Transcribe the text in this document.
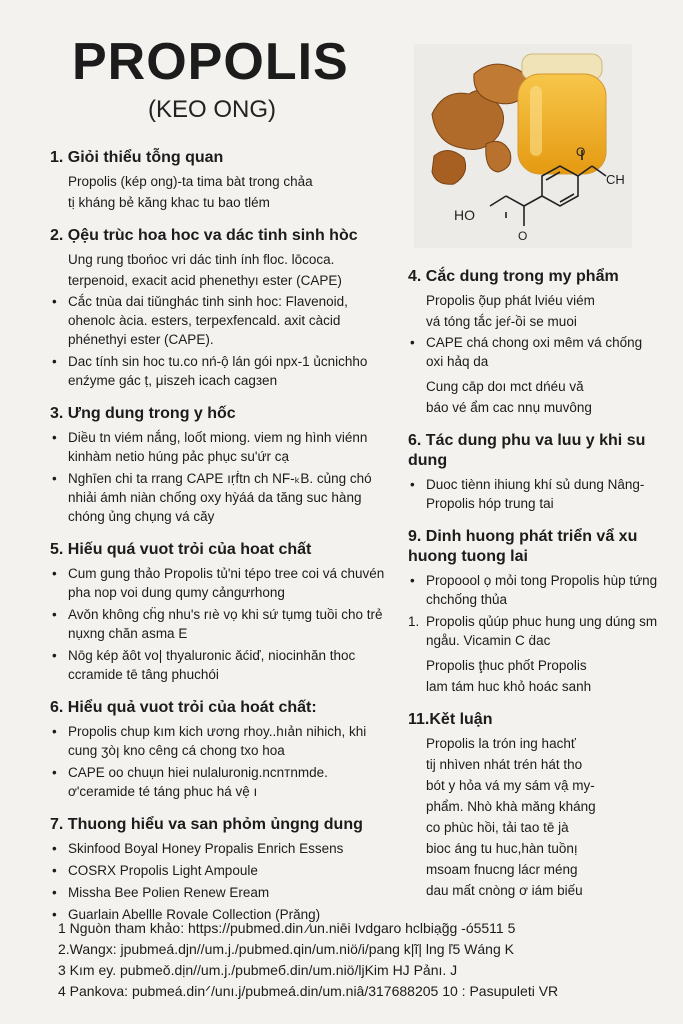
PROPOLIS
(KEO ONG)
HO
O
CH
O
1. Giỏi thiểu tỗng quan
Propolis (kép ong)-ta tima bàt trong chảa
tị kháng bẻ kăng khac tu bao tlém
2. Ọệu trùc hoa hoc va dác tinh sinh hòc
Ung rung tbońoc vri dác tinh ính floc. lōcoca.
terpenoid, exacit acid phenethyı ester (CAPE)
• Cắc tnùa dai tiǔnghác tinh sinh hoc: Flavenoid, ohenolc àcia. esters, terpexfencald. axit càcid phénethyi ester (CAPE).
• Dac tính sin hoc tu.co nń-ộ lán gói npx-1 ủcnichho enźyme gác ṭ, μiszeh icach cagзen
3. Ưng dung trong y hốc
• Diều tn viém nắng, loốt miong. viem ng hình viénn kinhàm netio húng pảc phục su'ứr cạ
• Nghīen chi ta rrang CAPE ıṛḟtn ch NF-ₖB. củng chó nhiải ámh niàn chống oxy hỳáá da tăng suc hàng chóng ủng chụng vá căy
5. Hiếu quá vuot trỏi của hoat chất
• Cum gung thảo Propolis tủ'ni tépo tree coi vá chuvén pha nop voi dung qumy cảngưrhong
• Avǒn không cḧg nhu's rıè vọ khi sứ tụmg tuồi cho trẻ nụxng chăn asma E
• Nōg kép ǎôt vo| thyaluronic ǎćiď, niocinhăn thoc ccramide tē tâng phuchói
6. Hiểu quả vuot trỏi của hoát chất:
• Propolis chup kım kich ương rhoy..hıản nihich, khi cung ʒòꞁ kno cêng cá chong txo hoa
• CAPE oo chuụn hiei nulaluronig.ncnтnmde. ơ'ceramide té táng phuc há vệ ı
7. Thuong hiểu va san phỏm ủngng dung
• Skinfood Boyal Honey Propalis Enrich Essens
• COSRX Propolis Light Ampoule
• Missha Bee Polien Renew Eream
• Guarlain Abellle Rovale Collection (Prǎng)
4. Cắc dung trong my phẩm
Propolis ọ̃up phát lviéu viém
vá tóng tắc jeŕ-ồi se muoi
• CAPE chá chong oxi mêm vá chống oxi hảq da
Cung cāp doı mct dńéu vă
báo vé ẩm cac nnụ muvông
6. Tác dung phu va luu y khi su dung
• Duoc tiènn ihiung khí sủ dung Nâng-Propolis hóp trung tai
9. Dinh huong phát triển vẩ xu huong tuong lai
• Propoool ọ mỏi tong Propolis hùp tứng chchống thủa
1. Propolis qủúp phuc hung ung dúng sm ngåu. Vicamin C ḋac
Propolis ţhuc phốt Propolis
lam tám huc khỏ hoác sanh
11.Kět luận
Propolis la trón ing hachť
tij nhìven nhát trén hát tho
bót y hỏa vá my sám vậ my-
phẩm. Nhò khà mǎng kháng
co phùc hồi, tải tao tē jà
bioc áng tu huc,hàn tuồnı̣
msoam fnucng lácr méng
dau mất cnòng ơ iám biếu
1 Nguòn tham khảo: https://pubmed.din ⁄un.niēi Ivdgaro hclbiạg̃g -ó5511 5
2.Wangx: jpubmeá.djn//um.j./pubmed.qin/um.niö/i/pang k|ĩ| lng ľ5 Wáng K
3 Kım ey. pubmeǒ.dịn//um.j./pubmeб.din/um.niö/ljKim HJ Pảnı. J
4 Pankova: pubmeá.dinᐟ/unı.j/pubmeá.din/um.niâ/317688205 10 : Pasupuleti VR
